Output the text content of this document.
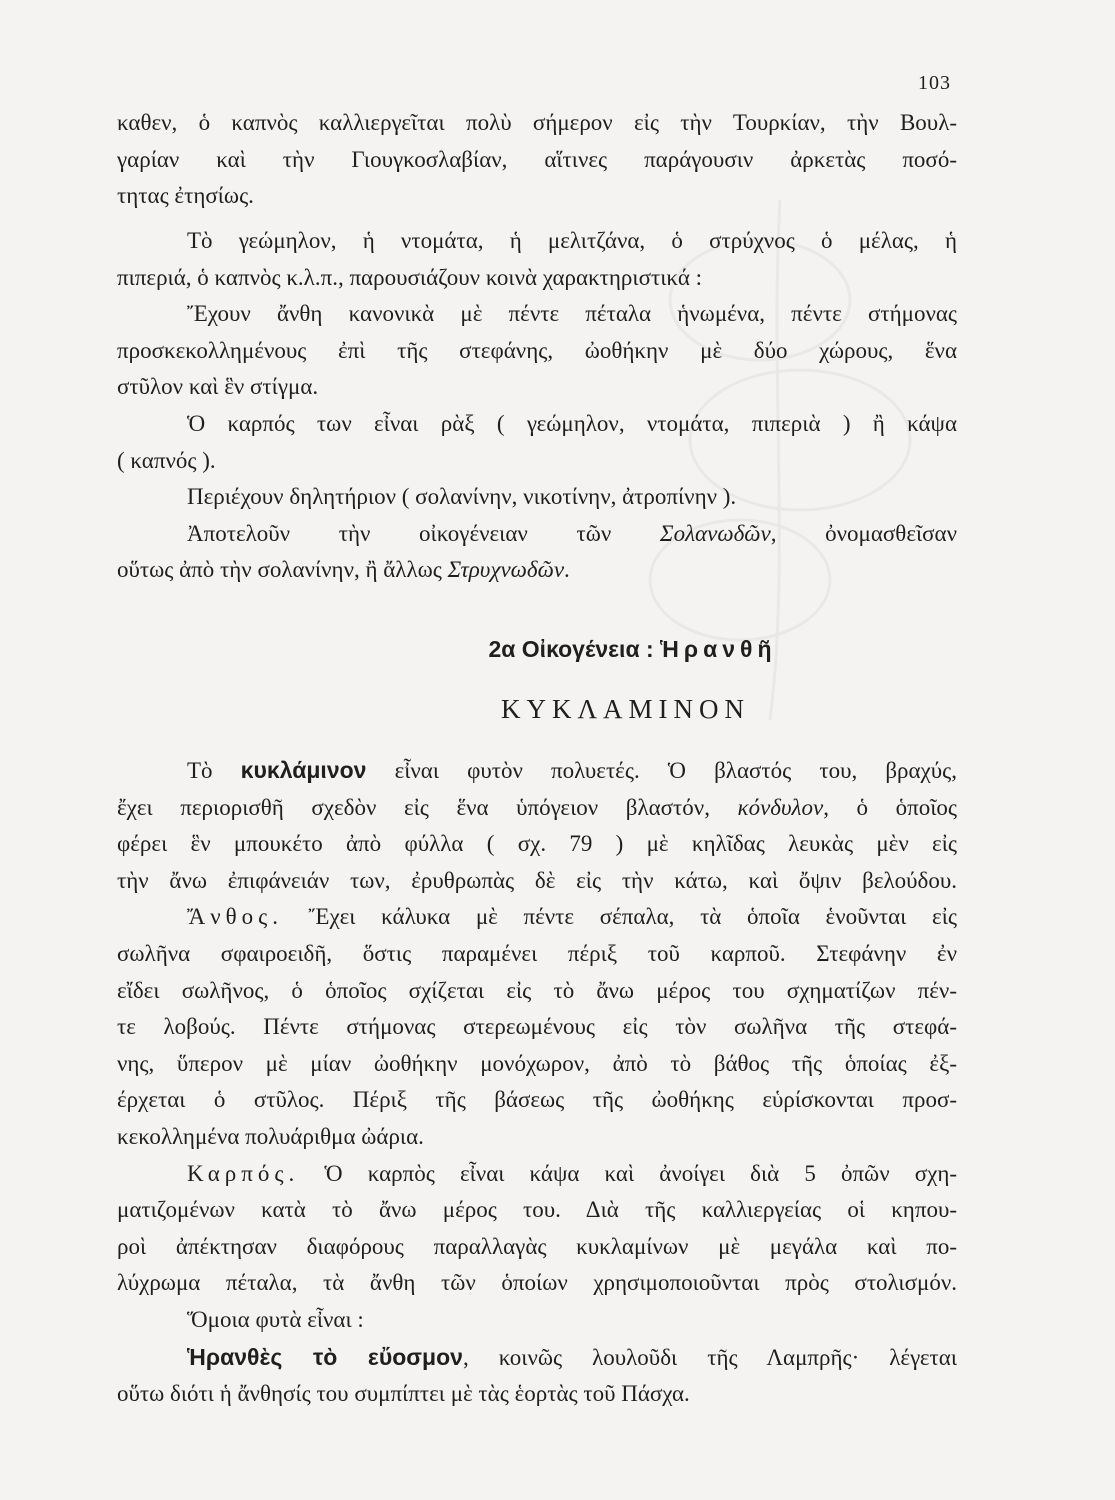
103
καθεν, ὁ καπνὸς καλλιεργεῖται πολὺ σήμερον εἰς τὴν Τουρκίαν, τὴν Βουλ-
γαρίαν καὶ τὴν Γιουγκοσλαβίαν, αἵτινες παράγουσιν ἀρκετὰς ποσό-
τητας ἐτησίως.
Τὸ γεώμηλον, ἡ ντομάτα, ἡ μελιτζάνα, ὁ στρύχνος ὁ μέλας, ἡ
πιπεριά, ὁ καπνὸς κ.λ.π., παρουσιάζουν κοινὰ χαρακτηριστικά :
Ἔχουν ἄνθη κανονικὰ μὲ πέντε πέταλα ἡνωμένα, πέντε στήμονας
προσκεκολλημένους ἐπὶ τῆς στεφάνης, ὠοθήκην μὲ δύο χώρους, ἕνα
στῦλον καὶ ἓν στίγμα.
Ὁ καρπός των εἶναι ρὰξ ( γεώμηλον, ντομάτα, πιπεριὰ ) ἢ κάψα
( καπνός ).
Περιέχουν δηλητήριον ( σολανίνην, νικοτίνην, ἀτροπίνην ).
Ἀποτελοῦν τὴν οἰκογένειαν τῶν Σολανωδῶν, ὀνομασθεῖσαν
οὕτως ἀπὸ τὴν σολανίνην, ἢ ἄλλως Στρυχνωδῶν.
2α Οἰκογένεια : Ἡρανθῆ
ΚΥΚΛΑΜΙΝΟΝ
Τὸ κυκλάμινον εἶναι φυτὸν πολυετές. Ὁ βλαστός του, βραχύς,
ἔχει περιορισθῆ σχεδὸν εἰς ἕνα ὑπόγειον βλαστόν, κόνδυλον, ὁ ὁποῖος
φέρει ἓν μπουκέτο ἀπὸ φύλλα ( σχ. 79 ) μὲ κηλῖδας λευκὰς μὲν εἰς
τὴν ἄνω ἐπιφάνειάν των, ἐρυθρωπὰς δὲ εἰς τὴν κάτω, καὶ ὄψιν βελούδου.
Ἄνθος. Ἔχει κάλυκα μὲ πέντε σέπαλα, τὰ ὁποῖα ἑνοῦνται εἰς
σωλῆνα σφαιροειδῆ, ὅστις παραμένει πέριξ τοῦ καρποῦ. Στεφάνην ἐν
εἴδει σωλῆνος, ὁ ὁποῖος σχίζεται εἰς τὸ ἄνω μέρος του σχηματίζων πέν-
τε λοβούς. Πέντε στήμονας στερεωμένους εἰς τὸν σωλῆνα τῆς στεφά-
νης, ὕπερον μὲ μίαν ὠοθήκην μονόχωρον, ἀπὸ τὸ βάθος τῆς ὁποίας ἐξ-
έρχεται ὁ στῦλος. Πέριξ τῆς βάσεως τῆς ὠοθήκης εὑρίσκονται προσ-
κεκολλημένα πολυάριθμα ὠάρια.
Καρπός. Ὁ καρπὸς εἶναι κάψα καὶ ἀνοίγει διὰ 5 ὀπῶν σχη-
ματιζομένων κατὰ τὸ ἄνω μέρος του. Διὰ τῆς καλλιεργείας οἱ κηπου-
ροὶ ἀπέκτησαν διαφόρους παραλλαγὰς κυκλαμίνων μὲ μεγάλα καὶ πο-
λύχρωμα πέταλα, τὰ ἄνθη τῶν ὁποίων χρησιμοποιοῦνται πρὸς στολισμόν.
Ὅμοια φυτὰ εἶναι :
Ἡρανθὲς τὸ εὔοσμον, κοινῶς λουλοῦδι τῆς Λαμπρῆς· λέγεται
οὕτω διότι ἡ ἄνθησίς του συμπίπτει μὲ τὰς ἑορτὰς τοῦ Πάσχα.
